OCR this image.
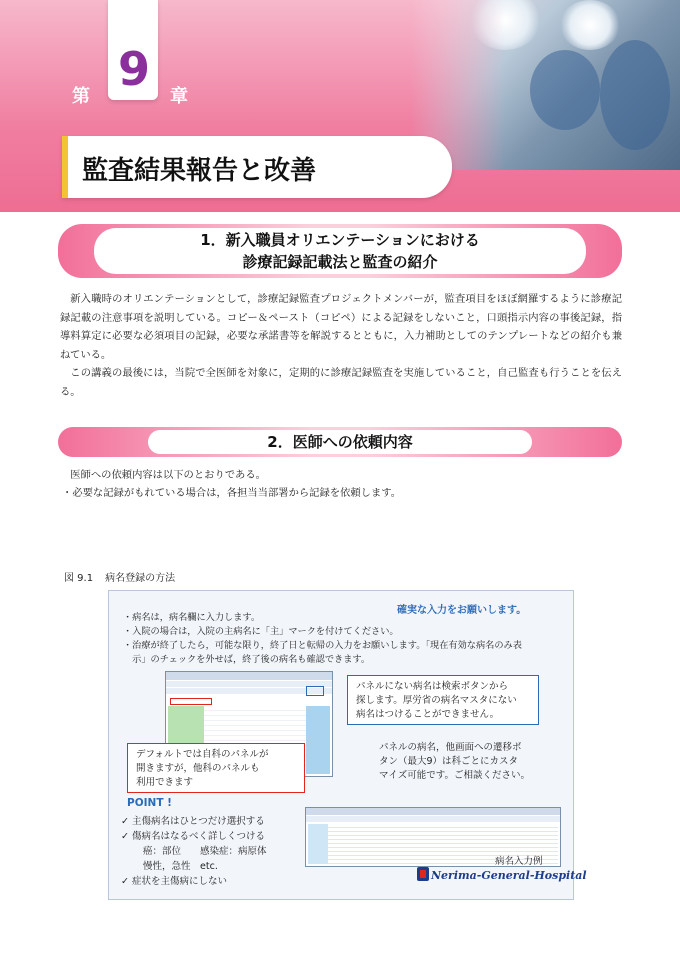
9
第	章
監査結果報告と改善
1．新入職員オリエンテーションにおける
診療記録記載法と監査の紹介
新入職時のオリエンテーションとして，診療記録監査プロジェクトメンバーが，監査項目をほぼ網羅するように診療記録記載の注意事項を説明している。コピー＆ペースト（コピペ）による記録をしないこと，口頭指示内容の事後記録，指導料算定に必要な必須項目の記録，必要な承諾書等を解説するとともに，入力補助としてのテンプレートなどの紹介も兼ねている。
この講義の最後には，当院で全医師を対象に，定期的に診療記録監査を実施していること，自己監査も行うことを伝える。
2．医師への依頼内容
医師への依頼内容は以下のとおりである。
・必要な記録がもれている場合は，各担当当部署から記録を依頼します。
図 9.1 病名登録の方法
確実な入力をお願いします。
・病名は，病名欄に入力します。
・入院の場合は，入院の主病名に「主」マークを付けてください。
・治療が終了したら，可能な限り，終了日と転帰の入力をお願いします。「現在有効な病名のみ表
　示」のチェックを外せば，終了後の病名も確認できます。
パネルにない病名は検索ボタンから
探します。厚労省の病名マスタにない
病名はつけることができません。
パネルの病名，他画面への遷移ボ
タン（最大9）は科ごとにカスタ
マイズ可能です。ご相談ください。
デフォルトでは自科のパネルが
開きますが，他科のパネルも
利用できます
POINT !
✓ 主傷病名はひとつだけ選択する
✓ 傷病名はなるべく詳しくつける
　　 癌：部位　　感染症：病原体
　　 慢性，急性　etc.
✓ 症状を主傷病にしない
病名入力例
Nerima-General-Hospital
